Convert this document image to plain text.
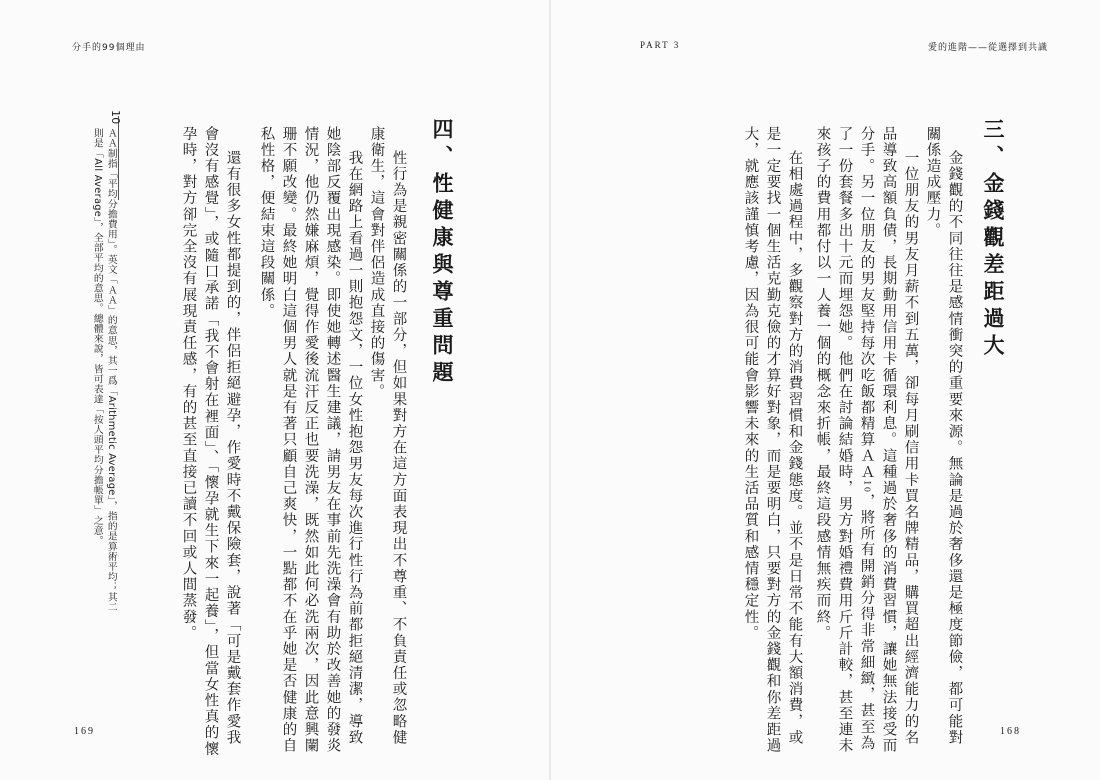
分手的99個理由	PART 3	愛的進階——從選擇到共識
三、金錢觀差距過大
金錢觀的不同往往是感情衝突的重要來源。無論是過於奢侈還是極度節儉，都可能對
關係造成壓力。
一位朋友的男友月薪不到五萬，卻每月刷信用卡買名牌精品，購買超出經濟能力的名
品導致高額負債，長期動用信用卡循環利息。這種過於奢侈的消費習慣，讓她無法接受而
分手。另一位朋友的男友堅持每次吃飯都精算ＡＡ10，將所有開銷分得非常細緻，甚至為
了一份套餐多出十元而埋怨她。他們在討論結婚時，男方對婚禮費用斤斤計較，甚至連未
來孩子的費用都付以一人養一個的概念來折帳，最終這段感情無疾而終。
在相處過程中，多觀察對方的消費習慣和金錢態度。並不是日常不能有大額消費，或
是一定要找一個生活克勤克儉的才算好對象，而是要明白，只要對方的金錢觀和你差距過
大，就應該謹慎考慮，因為很可能會影響未來的生活品質和感情穩定性。
四、性健康與尊重問題
性行為是親密關係的一部分，但如果對方在這方面表現出不尊重、不負責任或忽略健
康衛生，這會對伴侶造成直接的傷害。
我在網路上看過一則抱怨文，一位女性抱怨男友每次進行性行為前都拒絕清潔，導致
她陰部反覆出現感染。即使她轉述醫生建議，請男友在事前先洗澡會有助於改善她的發炎
情況，他仍然嫌麻煩，覺得作愛後流汗反正也要洗澡，既然如此何必洗兩次，因此意興闌
珊不願改變。最終她明白這個男人就是有著只顧自己爽快，一點都不在乎她是否健康的自
私性格，便結束這段關係。
還有很多女性都提到的，伴侶拒絕避孕，作愛時不戴保險套，說著「可是戴套作愛我
會沒有感覺」，或隨口承諾「我不會射在裡面」、「懷孕就生下來一起養」，但當女性真的懷
孕時，對方卻完全沒有展現責任感，有的甚至直接已讀不回或人間蒸發。
10
ＡＡ制指「平均分擔費用」。英文「ＡＡ」的意思，其一爲「Arithmetic Average」，指的是算術平均；其二
則是「All Average」，全部平均的意思。總體來說，皆可表達「按人頭平均分擔帳單」之意。
169	168
